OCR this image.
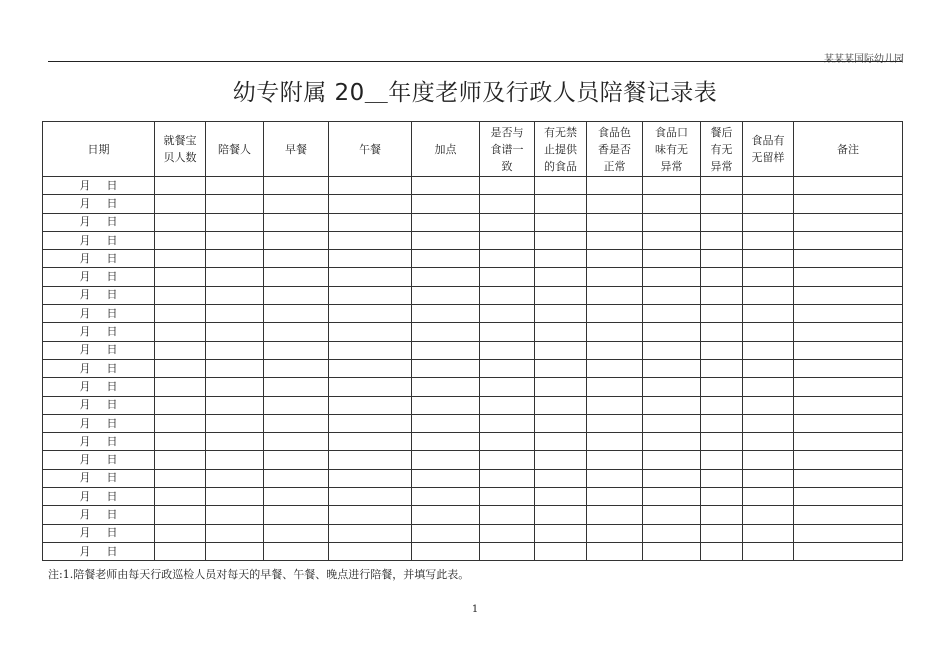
某某某国际幼儿园
幼专附属 20＿年度老师及行政人员陪餐记录表
日期	就餐宝贝人数	陪餐人	早餐	午餐	加点	是否与食谱一致	有无禁止提供的食品	食品色香是否正常	食品口味有无异常	餐后有无异常	食品有无留样	备注
月 日												
月 日												
月 日												
月 日												
月 日												
月 日												
月 日												
月 日												
月 日												
月 日												
月 日												
月 日												
月 日												
月 日												
月 日												
月 日												
月 日												
月 日												
月 日												
月 日												
月 日												
注:1.陪餐老师由每天行政巡检人员对每天的早餐、午餐、晚点进行陪餐，并填写此表。
1
